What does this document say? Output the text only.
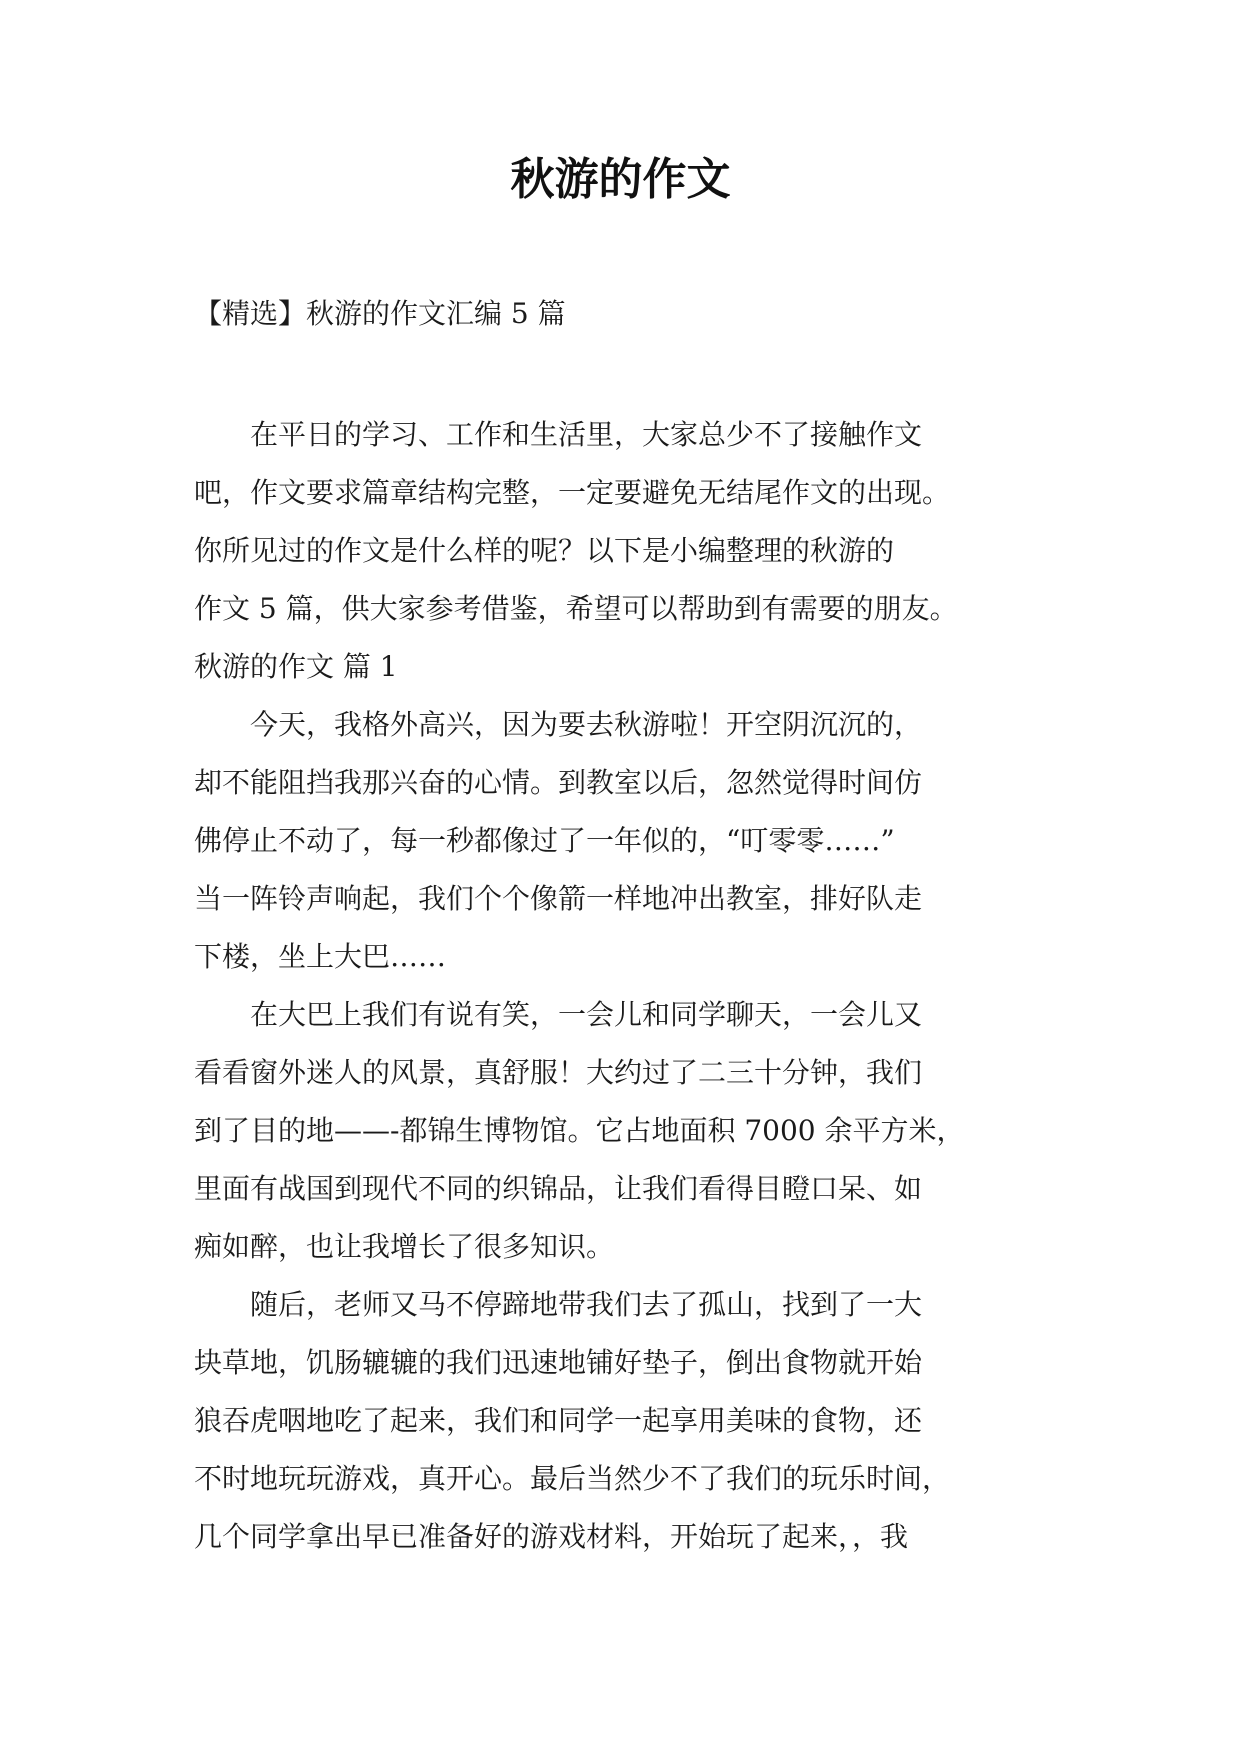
秋游的作文

【精选】秋游的作文汇编 5 篇

　　在平日的学习、工作和生活里，大家总少不了接触作文
吧，作文要求篇章结构完整，一定要避免无结尾作文的出现。
你所见过的作文是什么样的呢？以下是小编整理的秋游的
作文 5 篇，供大家参考借鉴，希望可以帮助到有需要的朋友。
秋游的作文 篇 1
　　今天，我格外高兴，因为要去秋游啦！开空阴沉沉的，
却不能阻挡我那兴奋的心情。到教室以后，忽然觉得时间仿
佛停止不动了，每一秒都像过了一年似的，“叮零零……”
当一阵铃声响起，我们个个像箭一样地冲出教室，排好队走
下楼，坐上大巴……
　　在大巴上我们有说有笑，一会儿和同学聊天，一会儿又
看看窗外迷人的风景，真舒服！大约过了二三十分钟，我们
到了目的地——-都锦生博物馆。它占地面积 7000 余平方米，
里面有战国到现代不同的织锦品，让我们看得目瞪口呆、如
痴如醉，也让我增长了很多知识。
　　随后，老师又马不停蹄地带我们去了孤山，找到了一大
块草地，饥肠辘辘的我们迅速地铺好垫子，倒出食物就开始
狼吞虎咽地吃了起来，我们和同学一起享用美味的食物，还
不时地玩玩游戏，真开心。最后当然少不了我们的玩乐时间，
几个同学拿出早已准备好的游戏材料，开始玩了起来，，我
